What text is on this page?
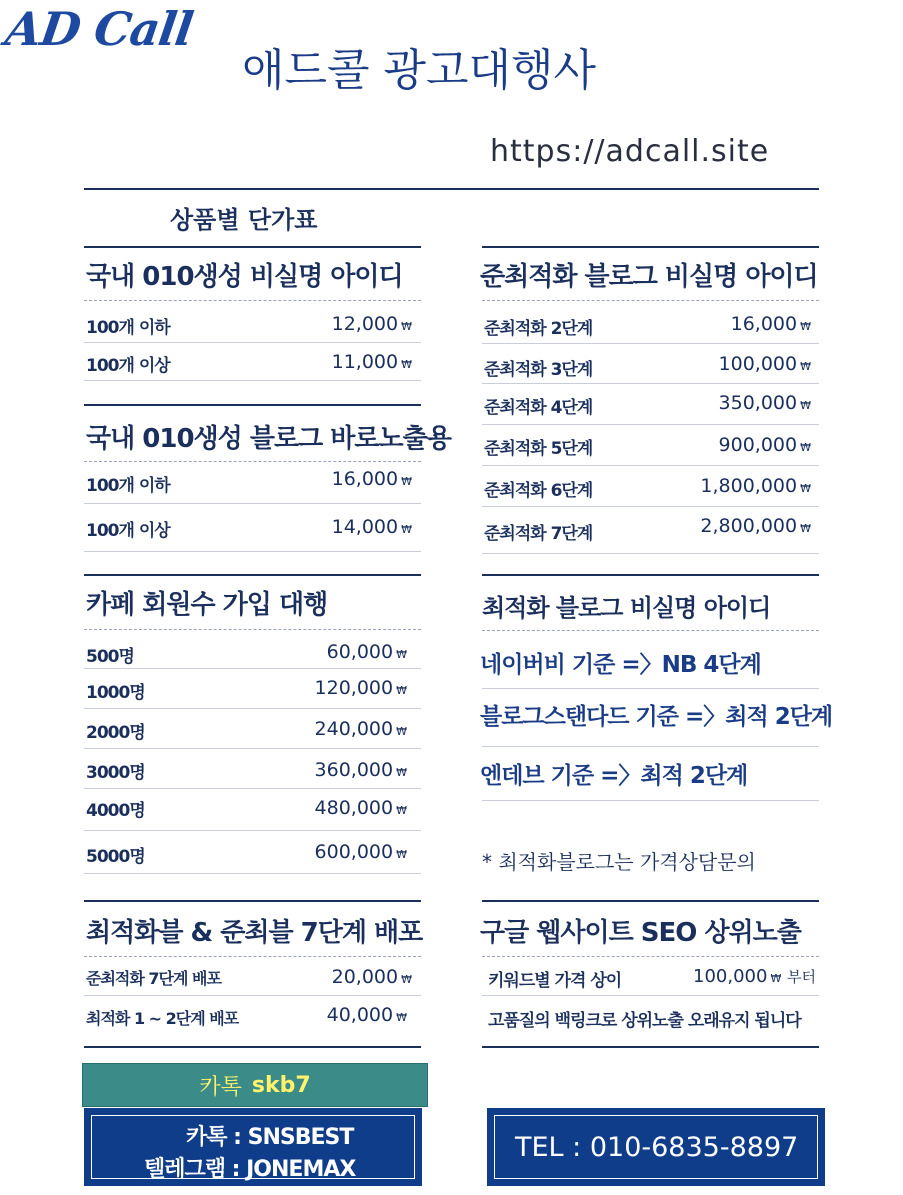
AD Call
애드콜 광고대행사
https://adcall.site
상품별 단가표
국내 010생성 비실명 아이디
100개 이하	12,000 ₩
100개 이상	11,000 ₩
국내 010생성 블로그 바로노출용
100개 이하	16,000 ₩
100개 이상	14,000 ₩
카페 회원수 가입 대행
500명	60,000 ₩
1000명	120,000 ₩
2000명	240,000 ₩
3000명	360,000 ₩
4000명	480,000 ₩
5000명	600,000 ₩
최적화블 & 준최블 7단계 배포
준최적화 7단계 배포	20,000 ₩
최적화 1 ~ 2단계 배포	40,000 ₩
준최적화 블로그 비실명 아이디
준최적화 2단계	16,000 ₩
준최적화 3단계	100,000 ₩
준최적화 4단계	350,000 ₩
준최적화 5단계	900,000 ₩
준최적화 6단계	1,800,000 ₩
준최적화 7단계	2,800,000 ₩
최적화 블로그 비실명 아이디
네이버비 기준 =〉NB 4단계
블로그스탠다드 기준 =〉최적 2단계
엔데브 기준 =〉최적 2단계
* 최적화블로그는 가격상담문의
구글 웹사이트 SEO 상위노출
키워드별 가격 상이	100,000 ₩ 부터
고품질의 백링크로 상위노출 오래유지 됩니다
카톡 skb7
카톡 : SNSBEST
텔레그램 : JONEMAX
TEL : 010-6835-8897
